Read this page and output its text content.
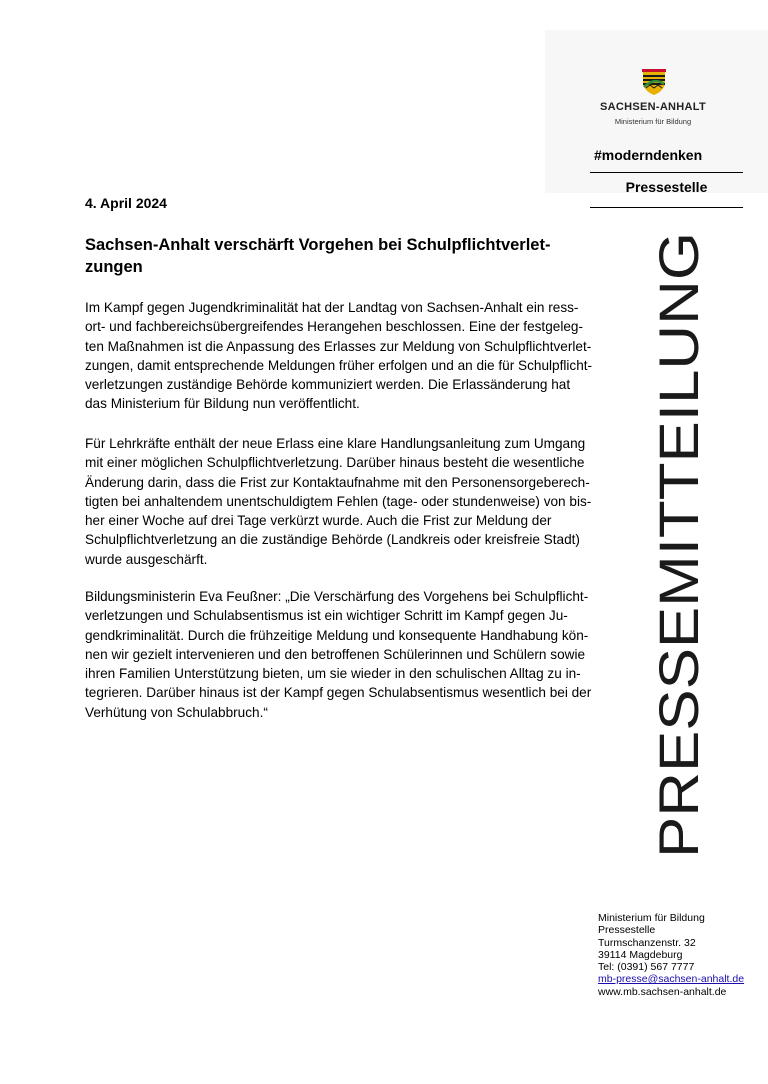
SACHSEN-ANHALT
Ministerium für Bildung
#moderndenken
Pressestelle
4. April 2024
Sachsen-Anhalt verschärft Vorgehen bei Schulpflichtverlet-
zungen
Im Kampf gegen Jugendkriminalität hat der Landtag von Sachsen-Anhalt ein ress-
ort- und fachbereichsübergreifendes Herangehen beschlossen. Eine der festgeleg-
ten Maßnahmen ist die Anpassung des Erlasses zur Meldung von Schulpflichtverlet-
zungen, damit entsprechende Meldungen früher erfolgen und an die für Schulpflicht-
verletzungen zuständige Behörde kommuniziert werden. Die Erlassänderung hat
das Ministerium für Bildung nun veröffentlicht.
Für Lehrkräfte enthält der neue Erlass eine klare Handlungsanleitung zum Umgang
mit einer möglichen Schulpflichtverletzung. Darüber hinaus besteht die wesentliche
Änderung darin, dass die Frist zur Kontaktaufnahme mit den Personensorgeberech-
tigten bei anhaltendem unentschuldigtem Fehlen (tage- oder stundenweise) von bis-
her einer Woche auf drei Tage verkürzt wurde. Auch die Frist zur Meldung der
Schulpflichtverletzung an die zuständige Behörde (Landkreis oder kreisfreie Stadt)
wurde ausgeschärft.
Bildungsministerin Eva Feußner: „Die Verschärfung des Vorgehens bei Schulpflicht-
verletzungen und Schulabsentismus ist ein wichtiger Schritt im Kampf gegen Ju-
gendkriminalität. Durch die frühzeitige Meldung und konsequente Handhabung kön-
nen wir gezielt intervenieren und den betroffenen Schülerinnen und Schülern sowie
ihren Familien Unterstützung bieten, um sie wieder in den schulischen Alltag zu in-
tegrieren. Darüber hinaus ist der Kampf gegen Schulabsentismus wesentlich bei der
Verhütung von Schulabbruch.“	PRESSEMITTEILUNG
Ministerium für Bildung
Pressestelle
Turmschanzenstr. 32
39114 Magdeburg
Tel: (0391) 567 7777
mb-presse@sachsen-anhalt.de
www.mb.sachsen-anhalt.de
